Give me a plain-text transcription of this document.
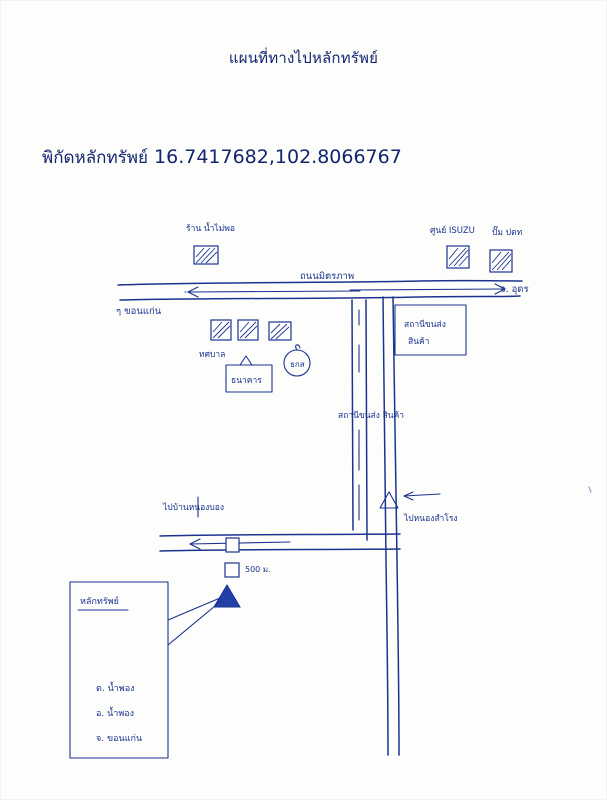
แผนที่ทางไปหลักทรัพย์
พิกัดหลักทรัพย์ 16.7417682,102.8066767
ถนนมิตรภาพ
ๆ ขอนแก่น
จ. อุดร
ร้าน น้ำไม่พอ	ศูนย์ ISUZU ปั๊ม ปตท
ทศบาล
ธนาคาร
ธกส
สถานีขนส่ง
สินค้า
สถานีขนส่ง สินค้า
ไปหนองสำโรง
ไปบ้านหนองบอง
500 ม.
หลักทรัพย์
ต. น้ำพอง
อ. น้ำพอง
จ. ขอนแก่น
